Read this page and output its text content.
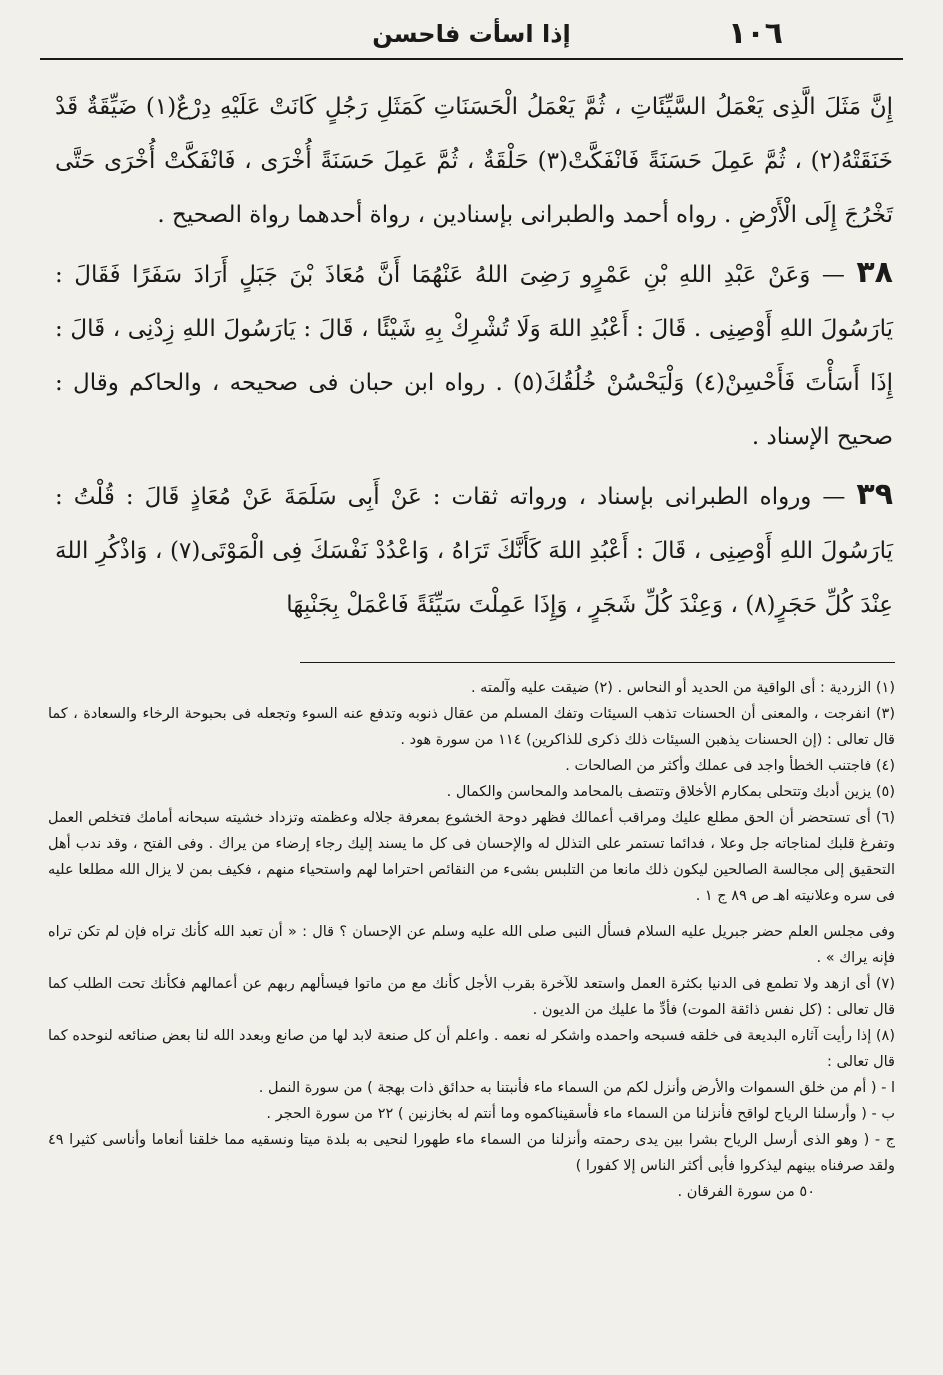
١٠٦
إذا اسأت فاحسن

إِنَّ مَثَلَ الَّذِى يَعْمَلُ السَّيِّئَاتِ ، ثُمَّ يَعْمَلُ الْحَسَنَاتِ كَمَثَلِ رَجُلٍ كَانَتْ عَلَيْهِ دِرْعٌ(١) ضَيِّقَةٌ قَدْ خَنَقَتْهُ(٢) ، ثُمَّ عَمِلَ حَسَنَةً فَانْفَكَّتْ(٣) حَلْقَةٌ ، ثُمَّ عَمِلَ حَسَنَةً أُخْرَى ، فَانْفَكَّتْ أُخْرَى حَتَّى تَخْرُجَ إِلَى الْأَرْضِ . رواه أحمد والطبرانى بإسنادين ، رواة أحدهما رواة الصحيح .

٣٨ — وَعَنْ عَبْدِ اللهِ بْنِ عَمْرٍو رَضِىَ اللهُ عَنْهُمَا أَنَّ مُعَاذَ بْنَ جَبَلٍ أَرَادَ سَفَرًا فَقَالَ : يَارَسُولَ اللهِ أَوْصِنِى . قَالَ : أَعْبُدِ اللهَ وَلَا تُشْرِكْ بِهِ شَيْئًا ، قَالَ : يَارَسُولَ اللهِ زِدْنِى ، قَالَ : إِذَا أَسَأْتَ فَأَحْسِنْ(٤) وَلْيَحْسُنْ خُلُقُكَ(٥) . رواه ابن حبان فى صحيحه ، والحاكم وقال : صحيح الإسناد .

٣٩ — ورواه الطبرانى بإسناد ، ورواته ثقات : عَنْ أَبِى سَلَمَةَ عَنْ مُعَاذٍ قَالَ : قُلْتُ : يَارَسُولَ اللهِ أَوْصِنِى ، قَالَ : أَعْبُدِ اللهَ كَأَنَّكَ تَرَاهُ ، وَاعْدُدْ نَفْسَكَ فِى الْمَوْتَى(٧) ، وَاذْكُرِ اللهَ عِنْدَ كُلِّ حَجَرٍ(٨) ، وَعِنْدَ كُلِّ شَجَرٍ ، وَإِذَا عَمِلْتَ سَيِّئَةً فَاعْمَلْ بِجَنْبِهَا

(١) الزردية : أى الواقية من الحديد أو النحاس . (٢) ضيقت عليه وآلمته .

(٣) انفرجت ، والمعنى أن الحسنات تذهب السيئات وتفك المسلم من عقال ذنوبه وتدفع عنه السوء وتجعله فى بحبوحة الرخاء والسعادة ، كما قال تعالى : (إن الحسنات يذهبن السيئات ذلك ذكرى للذاكرين) ١١٤ من سورة هود .

(٤) فاجتنب الخطأ واجد فى عملك وأكثر من الصالحات .

(٥) يزين أدبك وتتحلى بمكارم الأخلاق وتتصف بالمحامد والمحاسن والكمال .

(٦) أى تستحضر أن الحق مطلع عليك ومراقب أعمالك فظهر دوحة الخشوع بمعرفة جلاله وعظمته وتزداد خشيته سبحانه أمامك فتخلص العمل وتفرغ قلبك لمناجاته جل وعلا ، فدائما تستمر على التذلل له والإحسان فى كل ما يسند إليك رجاء إرضاء من يراك . وفى الفتح ، وقد ندب أهل التحقيق إلى مجالسة الصالحين ليكون ذلك مانعا من التلبس بشىء من النقائص احتراما لهم واستحياء منهم ، فكيف بمن لا يزال الله مطلعا عليه فى سره وعلانيته اهـ ص ٨٩ ج ١ .

وفى مجلس العلم حضر جبريل عليه السلام فسأل النبى صلى الله عليه وسلم عن الإحسان ؟ قال : « أن تعبد الله كأنك تراه فإن لم تكن تراه فإنه يراك » .

(٧) أى ازهد ولا تطمع فى الدنيا بكثرة العمل واستعد للآخرة بقرب الأجل كأنك مع من ماتوا فيسألهم ربهم عن أعمالهم فكأنك تحت الطلب كما قال تعالى : (كل نفس ذائقة الموت) فأدِّ ما عليك من الديون .

(٨) إذا رأيت آثاره البديعة فى خلقه فسبحه واحمده واشكر له نعمه . واعلم أن كل صنعة لابد لها من صانع وبعدد الله لنا بعض صنائعه لنوحده كما قال تعالى :

ا - ( أم من خلق السموات والأرض وأنزل لكم من السماء ماء فأنبتنا به حدائق ذات بهجة ) من سورة النمل .

ب - ( وأرسلنا الرياح لواقح فأنزلنا من السماء ماء فأسقيناكموه وما أنتم له بخازنين ) ٢٢ من سورة الحجر .

ج - ( وهو الذى أرسل الرياح بشرا بين يدى رحمته وأنزلنا من السماء ماء طهورا لنحيى به بلدة ميتا ونسقيه مما خلقنا أنعاما وأناسى كثيرا ٤٩ ولقد صرفناه بينهم ليذكروا فأبى أكثر الناس إلا كفورا )

٥٠ من سورة الفرقان .
